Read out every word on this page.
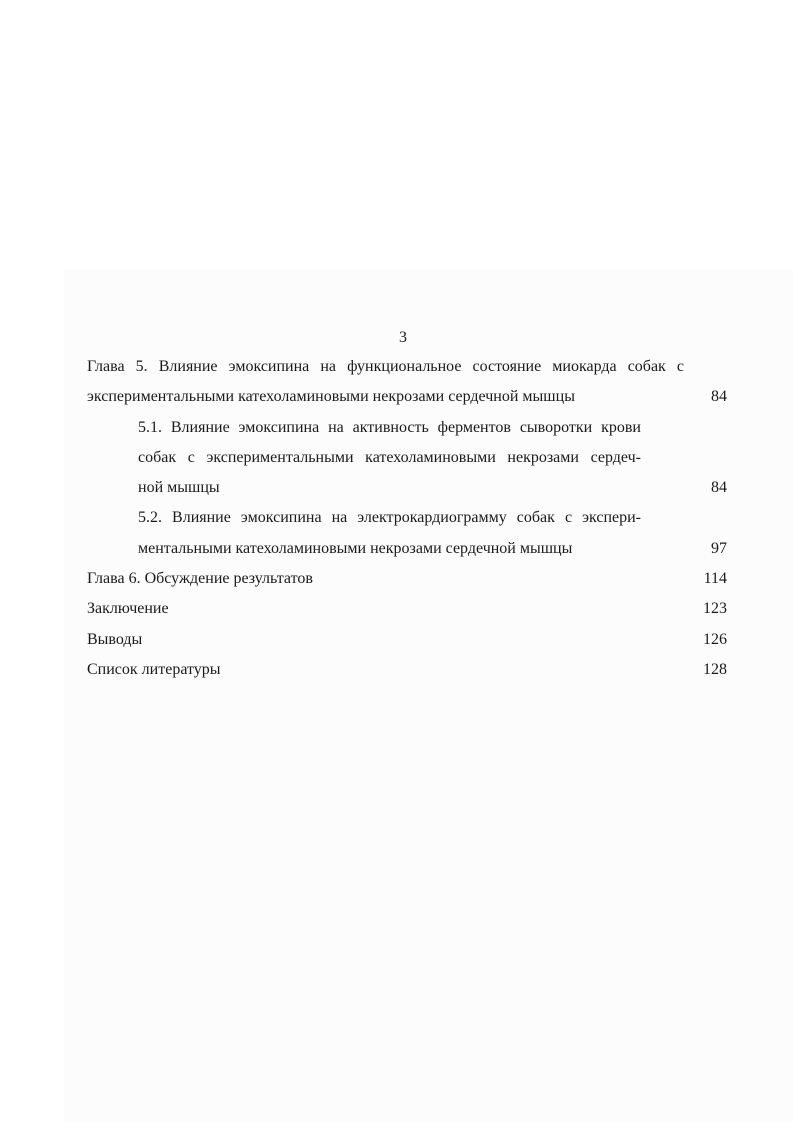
3
Глава 5. Влияние эмоксипина на функциональное состояние миокарда собак с
экспериментальными катехоламиновыми некрозами сердечной мышцы	84
5.1. Влияние эмоксипина на активность ферментов сыворотки крови
собак с экспериментальными катехоламиновыми некрозами сердеч-
ной мышцы	84
5.2. Влияние эмоксипина на электрокардиограмму собак с экспери-
ментальными катехоламиновыми некрозами сердечной мышцы	97
Глава 6. Обсуждение результатов	114
Заключение	123
Выводы	126
Список литературы	128
